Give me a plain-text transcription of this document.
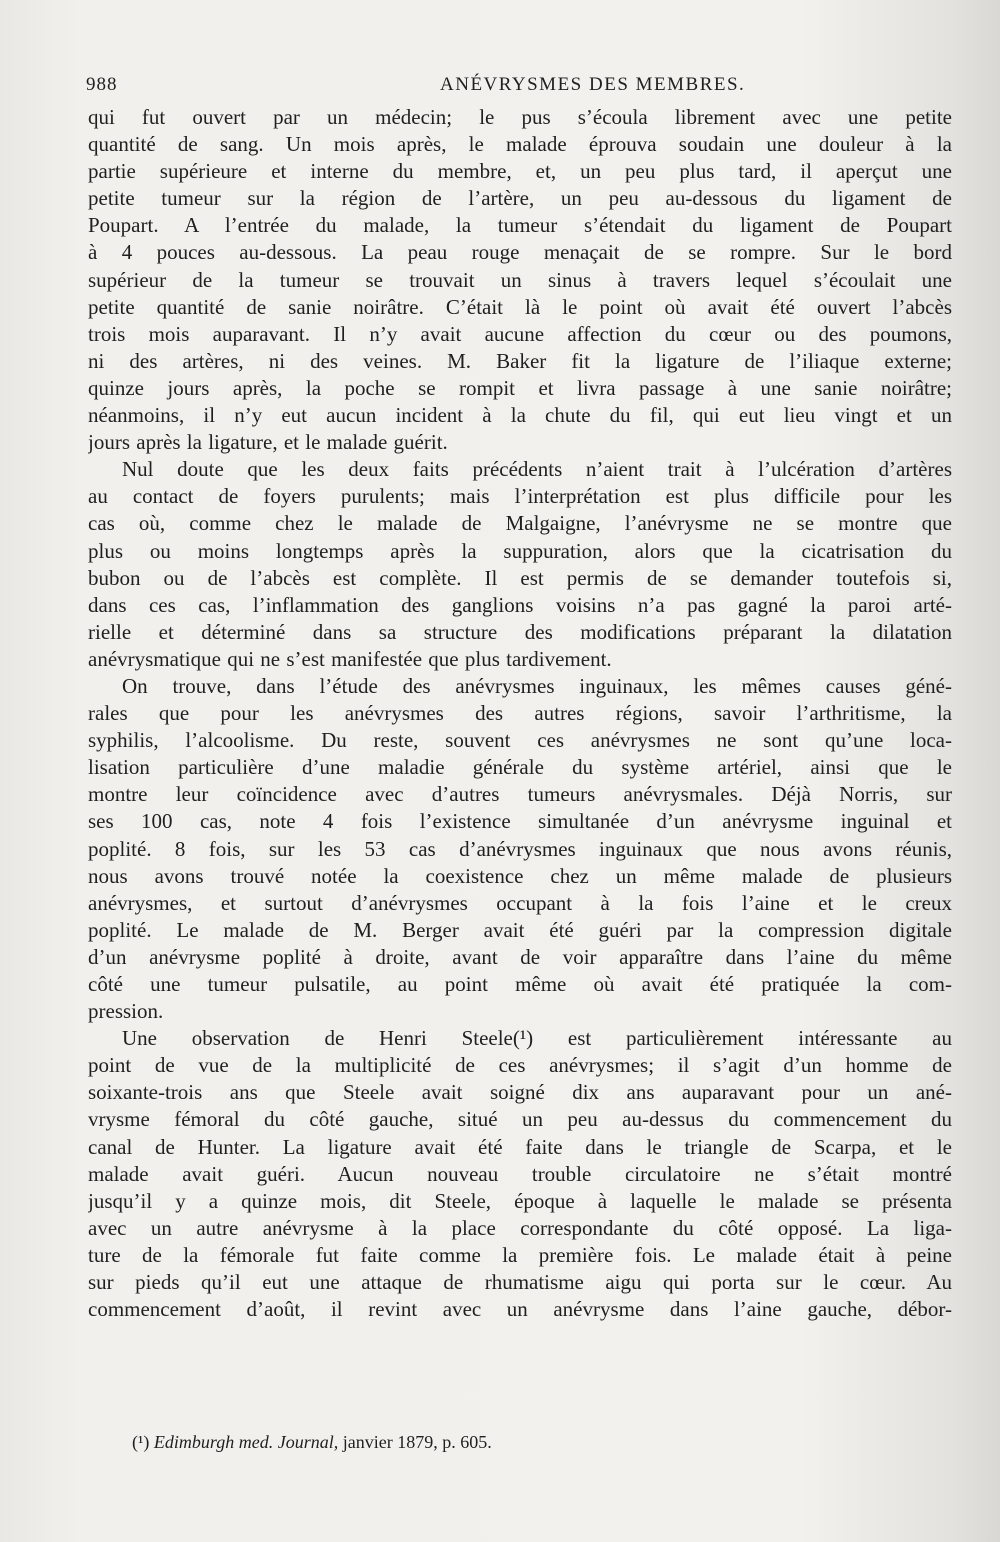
988	ANÉVRYSMES DES MEMBRES.
qui fut ouvert par un médecin; le pus s’écoula librement avec une petite
quantité de sang. Un mois après, le malade éprouva soudain une douleur à la
partie supérieure et interne du membre, et, un peu plus tard, il aperçut une
petite tumeur sur la région de l’artère, un peu au-dessous du ligament de
Poupart. A l’entrée du malade, la tumeur s’étendait du ligament de Poupart
à 4 pouces au-dessous. La peau rouge menaçait de se rompre. Sur le bord
supérieur de la tumeur se trouvait un sinus à travers lequel s’écoulait une
petite quantité de sanie noirâtre. C’était là le point où avait été ouvert l’abcès
trois mois auparavant. Il n’y avait aucune affection du cœur ou des poumons,
ni des artères, ni des veines. M. Baker fit la ligature de l’iliaque externe;
quinze jours après, la poche se rompit et livra passage à une sanie noirâtre;
néanmoins, il n’y eut aucun incident à la chute du fil, qui eut lieu vingt et un
jours après la ligature, et le malade guérit.
Nul doute que les deux faits précédents n’aient trait à l’ulcération d’artères
au contact de foyers purulents; mais l’interprétation est plus difficile pour les
cas où, comme chez le malade de Malgaigne, l’anévrysme ne se montre que
plus ou moins longtemps après la suppuration, alors que la cicatrisation du
bubon ou de l’abcès est complète. Il est permis de se demander toutefois si,
dans ces cas, l’inflammation des ganglions voisins n’a pas gagné la paroi arté-
rielle et déterminé dans sa structure des modifications préparant la dilatation
anévrysmatique qui ne s’est manifestée que plus tardivement.
On trouve, dans l’étude des anévrysmes inguinaux, les mêmes causes géné-
rales que pour les anévrysmes des autres régions, savoir l’arthritisme, la
syphilis, l’alcoolisme. Du reste, souvent ces anévrysmes ne sont qu’une loca-
lisation particulière d’une maladie générale du système artériel, ainsi que le
montre leur coïncidence avec d’autres tumeurs anévrysmales. Déjà Norris, sur
ses 100 cas, note 4 fois l’existence simultanée d’un anévrysme inguinal et
poplité. 8 fois, sur les 53 cas d’anévrysmes inguinaux que nous avons réunis,
nous avons trouvé notée la coexistence chez un même malade de plusieurs
anévrysmes, et surtout d’anévrysmes occupant à la fois l’aine et le creux
poplité. Le malade de M. Berger avait été guéri par la compression digitale
d’un anévrysme poplité à droite, avant de voir apparaître dans l’aine du même
côté une tumeur pulsatile, au point même où avait été pratiquée la com-
pression.
Une observation de Henri Steele(¹) est particulièrement intéressante au
point de vue de la multiplicité de ces anévrysmes; il s’agit d’un homme de
soixante-trois ans que Steele avait soigné dix ans auparavant pour un ané-
vrysme fémoral du côté gauche, situé un peu au-dessus du commencement du
canal de Hunter. La ligature avait été faite dans le triangle de Scarpa, et le
malade avait guéri. Aucun nouveau trouble circulatoire ne s’était montré
jusqu’il y a quinze mois, dit Steele, époque à laquelle le malade se présenta
avec un autre anévrysme à la place correspondante du côté opposé. La liga-
ture de la fémorale fut faite comme la première fois. Le malade était à peine
sur pieds qu’il eut une attaque de rhumatisme aigu qui porta sur le cœur. Au
commencement d’août, il revint avec un anévrysme dans l’aine gauche, débor-
(¹) Edimburgh med. Journal, janvier 1879, p. 605.
